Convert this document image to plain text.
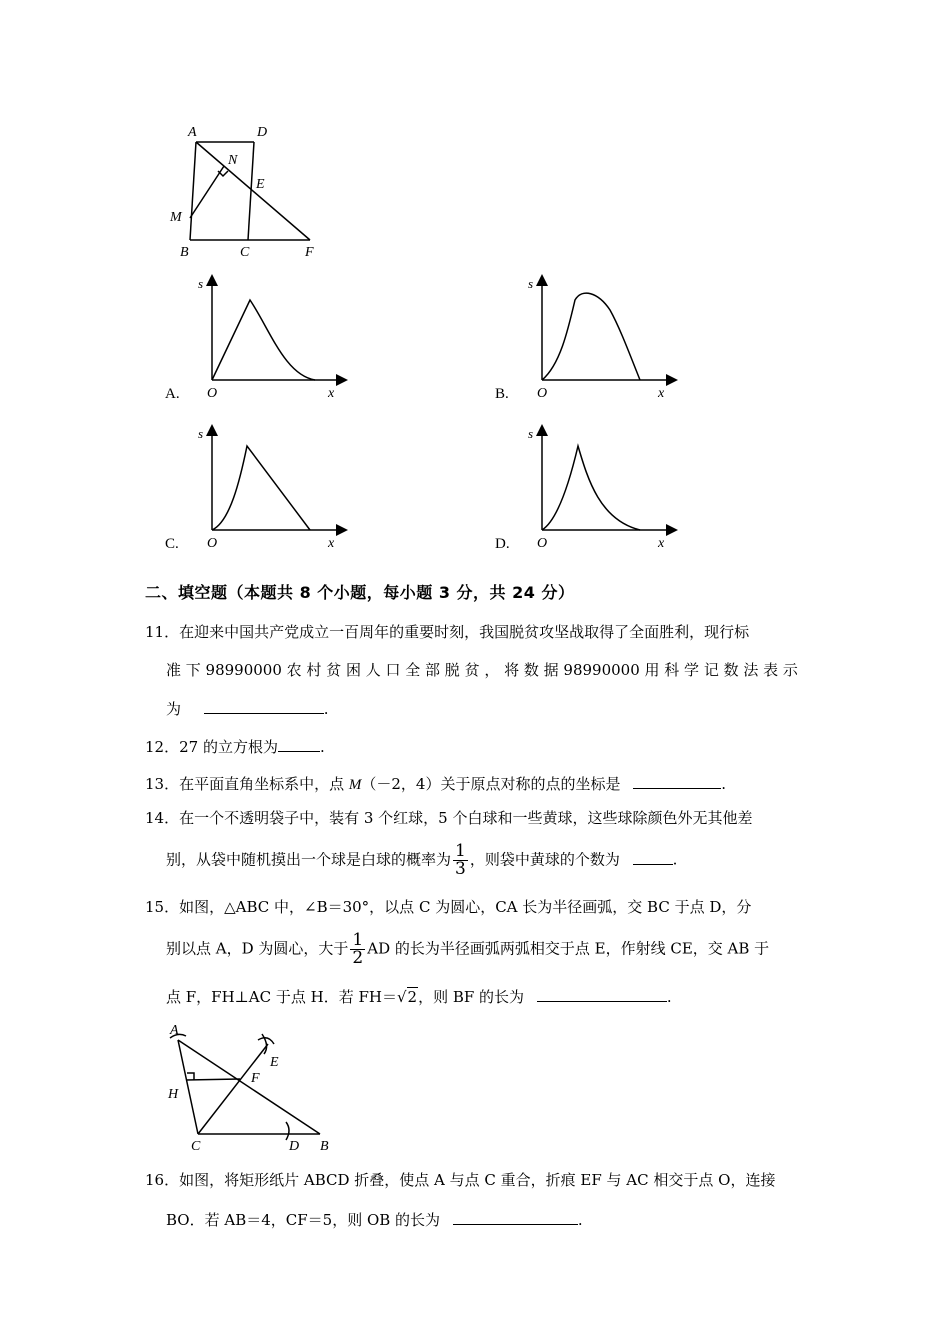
A	D
N
E
M
B	C	F
s
O	x
A.
s
O	x
B.
s
O	x
C.
s
O	x
D.
二、填空题（本题共 8 个小题，每小题 3 分，共 24 分）
11．在迎来中国共产党成立一百周年的重要时刻，我国脱贫攻坚战取得了全面胜利，现行标
准 下 98990000 农 村 贫 困 人 口 全 部 脱 贫 ， 将 数 据 98990000 用 科 学 记 数 法 表 示
为	.
12．27 的立方根为	.
13．在平面直角坐标系中，点 M（－2，4）关于原点对称的点的坐标是	.
14．在一个不透明袋子中，装有 3 个红球，5 个白球和一些黄球，这些球除颜色外无其他差
别，从袋中随机摸出一个球是白球的概率为 $\frac{1}{3}$ ，则袋中黄球的个数为	.
15．如图，△ABC 中，∠B＝30°，以点 C 为圆心，CA 长为半径画弧，交 BC 于点 D，分
别以点 A，D 为圆心，大于 $\frac{1}{2}$ AD 的长为半径画弧两弧相交于点 E，作射线 CE，交 AB 于
点 F，FH⊥AC 于点 H．若 FH＝√2，则 BF 的长为	.
A
E
F
H
C	D B
16．如图，将矩形纸片 ABCD 折叠，使点 A 与点 C 重合，折痕 EF 与 AC 相交于点 O，连接
BO．若 AB＝4，CF＝5，则 OB 的长为	.
